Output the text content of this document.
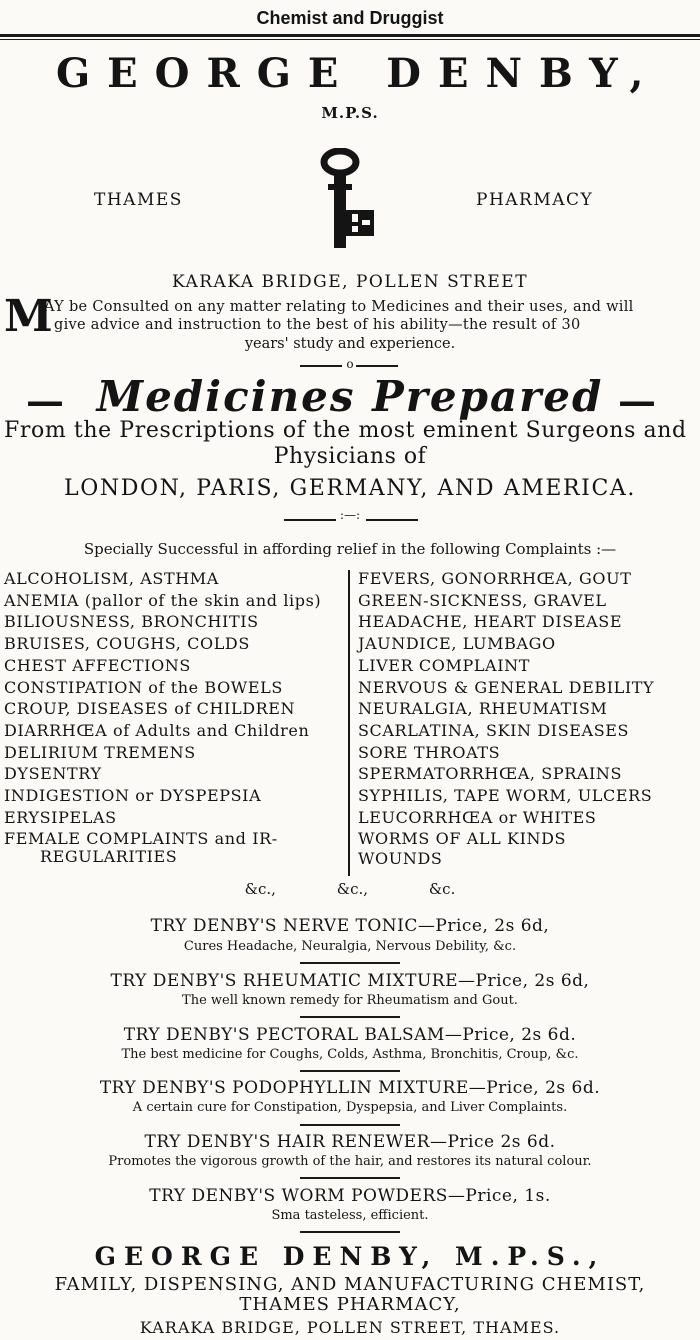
Chemist and Druggist
GEORGE DENBY,
M.P.S.
THAMES	PHARMACY
KARAKA BRIDGE, POLLEN STREET
M
AY be Consulted on any matter relating to Medicines and their uses, and will
give advice and instruction to the best of his ability—the result of 30
years' study and experience.
o
— Medicines Prepared —
From the Prescriptions of the most eminent Surgeons and
Physicians of
LONDON, PARIS, GERMANY, AND AMERICA.
:—:
Specially Successful in affording relief in the following Complaints :—
ALCOHOLISM, ASTHMA
ANEMIA (pallor of the skin and lips)
BILIOUSNESS, BRONCHITIS
BRUISES, COUGHS, COLDS
CHEST AFFECTIONS
CONSTIPATION of the BOWELS
CROUP, DISEASES of CHILDREN
DIARRHŒA of Adults and Children
DELIRIUM TREMENS
DYSENTRY
INDIGESTION or DYSPEPSIA
ERYSIPELAS
FEMALE COMPLAINTS and IR-
REGULARITIES
FEVERS, GONORRHŒA, GOUT
GREEN-SICKNESS, GRAVEL
HEADACHE, HEART DISEASE
JAUNDICE, LUMBAGO
LIVER COMPLAINT
NERVOUS & GENERAL DEBILITY
NEURALGIA, RHEUMATISM
SCARLATINA, SKIN DISEASES
SORE THROATS
SPERMATORRHŒA, SPRAINS
SYPHILIS, TAPE WORM, ULCERS
LEUCORRHŒA or WHITES
WORMS OF ALL KINDS
WOUNDS
&c.,	&c.,	&c.
TRY DENBY'S NERVE TONIC—Price, 2s 6d,
Cures Headache, Neuralgia, Nervous Debility, &c.
TRY DENBY'S RHEUMATIC MIXTURE—Price, 2s 6d,
The well known remedy for Rheumatism and Gout.
TRY DENBY'S PECTORAL BALSAM—Price, 2s 6d.
The best medicine for Coughs, Colds, Asthma, Bronchitis, Croup, &c.
TRY DENBY'S PODOPHYLLIN MIXTURE—Price, 2s 6d.
A certain cure for Constipation, Dyspepsia, and Liver Complaints.
TRY DENBY'S HAIR RENEWER—Price 2s 6d.
Promotes the vigorous growth of the hair, and restores its natural colour.
TRY DENBY'S WORM POWDERS—Price, 1s.
Sma tasteless, efficient.
GEORGE DENBY, M.P.S.,
FAMILY, DISPENSING, AND MANUFACTURING CHEMIST,
THAMES PHARMACY,
KARAKA BRIDGE, POLLEN STREET, THAMES.
